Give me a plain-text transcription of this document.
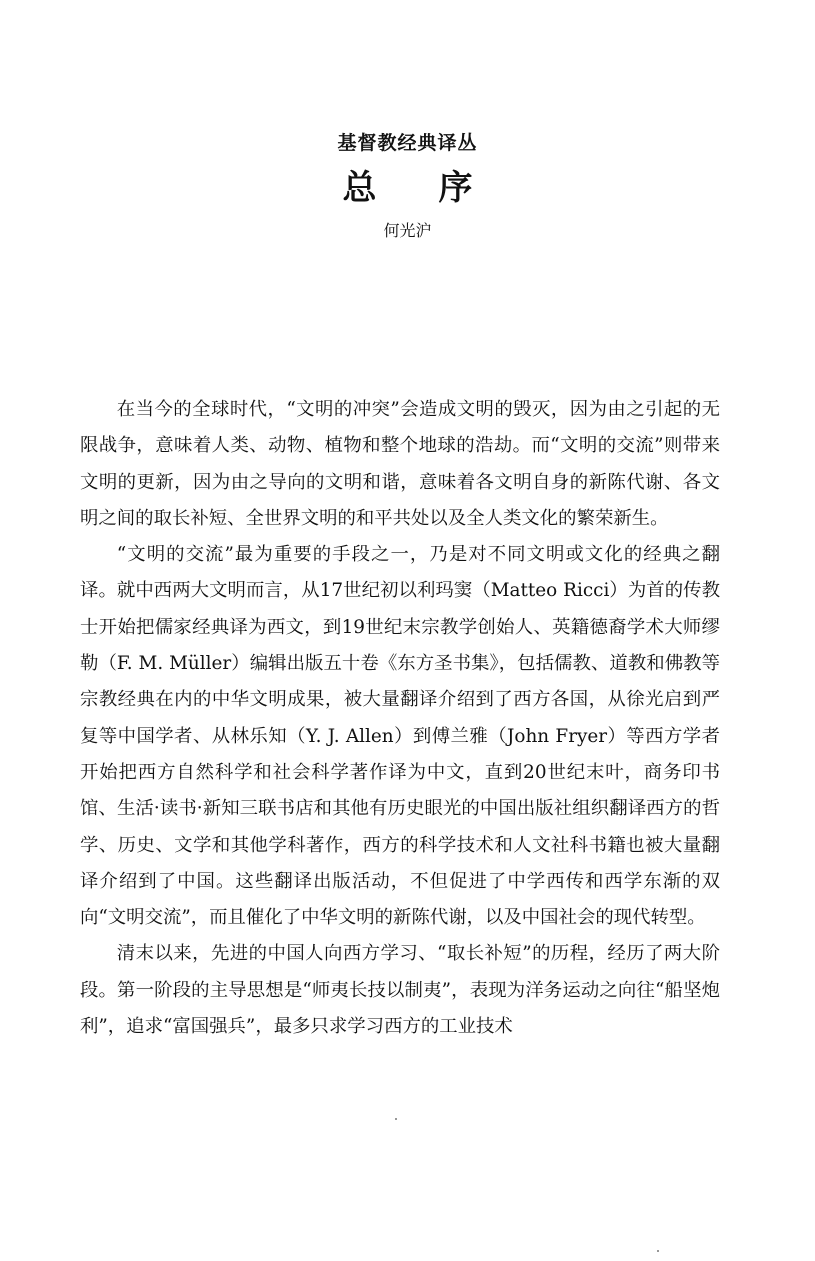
基督教经典译丛
总序
何光沪

在当今的全球时代，“文明的冲突”会造成文明的毁灭，因为由之引起的无限战争，意味着人类、动物、植物和整个地球的浩劫。而“文明的交流”则带来文明的更新，因为由之导向的文明和谐，意味着各文明自身的新陈代谢、各文明之间的取长补短、全世界文明的和平共处以及全人类文化的繁荣新生。

“文明的交流”最为重要的手段之一，乃是对不同文明或文化的经典之翻译。就中西两大文明而言，从17世纪初以利玛窦（Matteo Ricci）为首的传教士开始把儒家经典译为西文，到19世纪末宗教学创始人、英籍德裔学术大师缪勒（F. M. Müller）编辑出版五十卷《东方圣书集》，包括儒教、道教和佛教等宗教经典在内的中华文明成果，被大量翻译介绍到了西方各国，从徐光启到严复等中国学者、从林乐知（Y. J. Allen）到傅兰雅（John Fryer）等西方学者开始把西方自然科学和社会科学著作译为中文，直到20世纪末叶，商务印书馆、生活·读书·新知三联书店和其他有历史眼光的中国出版社组织翻译西方的哲学、历史、文学和其他学科著作，西方的科学技术和人文社科书籍也被大量翻译介绍到了中国。这些翻译出版活动，不但促进了中学西传和西学东渐的双向“文明交流”，而且催化了中华文明的新陈代谢，以及中国社会的现代转型。

清末以来，先进的中国人向西方学习、“取长补短”的历程，经历了两大阶段。第一阶段的主导思想是“师夷长技以制夷”，表现为洋务运动之向往“船坚炮利”，追求“富国强兵”，最多只求学习西方的工业技术
